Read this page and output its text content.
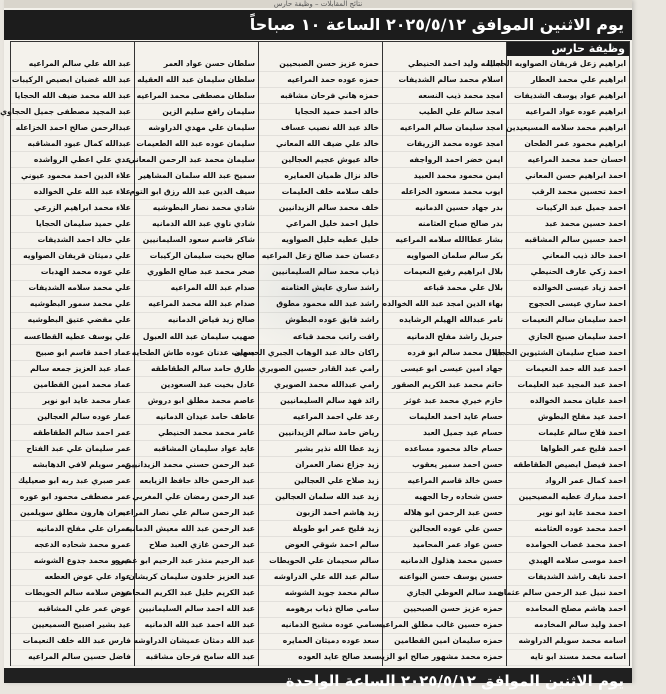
نتائج المقابلات – وظيفة حارس
يوم الاثنين الموافق ٢٠٢٥/٥/١٢ الساعة ١٠ صباحاً
وظيفة حارس
ابراهيم زعل قريفان الصواويه الحجايا
ابراهيم علي محمد العطار
ابراهيم عواد يوسف الشديفات
ابراهيم عوده عواد المراعيه
ابراهيم محمد سلامه المسيعيدين
ابراهيم محمود عمر الطحان
احسان حمد محمد المراعيه
احمد ابراهيم حسن المعاني
احمد تحسين محمد الرقب
احمد جميل عبد الركيبات
احمد حسين محمد عبد
احمد حسين سالم المشاقبه
احمد خالد ذيب المعاني
احمد زكي عارف الحنيطي
احمد زياد عيسى الخوالده
احمد ساري عيسى الحجوج
احمد سليمان سالم النعيمات
احمد سليمان صبيح الجازي
احمد صباح سليمان الشثيوين الحجايا
احمد عبد الله حمد النعيمات
احمد عبد المجيد عبد العليمات
احمد عليان محمد الخوالده
احمد عيد مفلح البطوش
احمد فلاح سالم عليمات
احمد فليح عمر الطواها
احمد فيصل ابصيص الطقاطقه
احمد كمال عمر الرواد
احمد مبارك عطيه المصيحيين
احمد محمد عايد ابو نوير
احمد محمد عوده العثامنه
احمد محمد غصاب الحوامده
احمد موسى سلامه الهبدي
احمد نايف راشد الشديفات
احمد نبيل عبد الرحمن سالم عثمان
احمد هاشم مصلح المحامده
احمد وليد سالم المخادمه
اسامه محمد سويلم الدراوشه
اسامه محمد مسند ابو تايه
اسامه وليد احمد الحنيطي
اسلام محمد سالم الشديفات
امجد محمد ذيب النسعه
امجد سالم علي الطيب
امجد سليمان سالم المراعيه
امجد عوده محمد الزريقات
ايمن خضر احمد الرواجفه
ايمن محمود محمد العبيد
ايوب محمد مسعود الخزاعله
بدر جهاد حسين الدمانيه
بدر صالح صباح العثامنه
بشار عطاالله سلامه المراعيه
بكر سالم سلمان الصواويه
بلال ابراهيم رفيع النعيمات
بلال علي محمد قباعه
بهاء الدين امجد عبد الله الخوالده
تامر عبدالله الهيلم الرشايده
جبريل راشد مفلح الدمانيه
جلال محمد سالم ابو فرده
جهاد امين عيسى ابو عيسى
حاتم محمد عبد الكريم الصقور
حازم خيري محمد عبد غوثر
حسام عايد احمد العليمات
حسام عيد جميل العبد
حسام خالد محمود مساعده
حسن احمد سمير يعقوب
حسن خالد قاسم المراعيه
حسن شحاده رجا الجهيه
حسن عبد الرحمن ابو هلاله
حسن علي عوده العجالين
حسن عواد عمر المحاميد
حسين محمد هذلول الدمانيه
حسين يوسف حسن البواعنه
حمد سالم العوطي الجازي
حمزه عزيز حسن الصبحيين
حمزه حسين غالب مطلق المراعيه
حمزه سليمان امين القطامين
حمزه محمد مشهور صالح ابو الزيت
حمزه عزيز حسن الصبحيين
حمزه عوده حمد المراعيه
حمزه هاني فرحان مشاقبه
خالد احمد حميد الحجايا
خالد عبد الله نصيب عساف
خالد علي ضيف الله المعاني
خالد عيوش عجيم العجالين
خالد نزال ظميان العمايره
خلف سلامه خلف العليمات
خلف محمد سالم الزيدانيين
خليل احمد خليل المراعي
خليل عطيه خليل الصواويه
دعسان حمد صالح زعل المراعيه
ذياب محمد سالم السليمانيين
راشد ساري عايش العثامنه
راشد عبد الله محمود مطوق
راشد فايق عوده البطوش
رافت راتب محمد قباعه
راكان خالد عبد الوهاب الجبري الحيسان
رامي عبد القادر حسين الصويري
رامي عبدالله محمد الصويري
رائد فهد سالم السليمانيين
رعد علي احمد المراعيه
رياض حامد سالم الزيدانيين
زيد عطا الله نذير بشير
زيد جزاع نصار العمران
زيد صلاح علي العجالين
زيد عبد الله سلمان العجالين
زيد هاشم احمد الزبون
زيد فليح عمر ابو طويلة
سالم احمد شوقي العوض
سالم سحيمان علي الحويطات
سالم عبد الله علي الدراوشه
سالم محمد جويد الشوشه
سامي صالح ذياب برهومه
سامي عوده مشيح الدمانيه
سعد عوده دميثان العمايره
سعد صالح عايد العوده
سلطان حسن عواد العمر
سلطان سليمان عبد الله العقيله
سلطان مصطفى محمد المراعيه
سليمان رافع سليم الزين
سليمان علي مهدي الدراوشه
سليمان عوده عبد الله الطعيمات
سليمان محمد عبد الرحمن المعاني
سميح عبد الله سلمان المشاهير
سيف الدين عبد الله رزق ابو التوم
شادي محمد نصار البطوشيه
شادي ناوي عبد الله الدمانيه
شاكر قاسم سعود السليمانيين
صالح بخيت سليمان الركيبات
صخر محمد عبد صالح الطوري
صدام عبد الله المراعيه
صدام عبد الله محمد المراعيه
صالح زيد فياض الدمانيه
صهيب سليمان عبد الله العبول
صهيب عدنان عوده طاش الطحايه
طارق حامد سالم الطقاطقه
عادل بخيت عبد السعودين
عاصم محمد مطلق ابو دروش
عاطف حامد عيدان الدمانيه
عامر محمد محمد الحنيطي
عايد عواد سليمان المشاقبه
عبد الرحمن حسني محمد الزيدانيين
عبد الرحمن خالد حافظ الزيابعه
عبد الرحمن رمضان علي المغربي
عبد الرحمن سالم علي نصار المراعيه
عبد الرحمن عبد الله معيش الدمانيه
عبد الرحمن غازي العبد صلاح
عبد الرحيم منذر عبد الرحيم ابو عميره
عبد العزيز خلدون سليمان كريشان
عبد الكريم خليل عبد الكريم المحاميد
عبد الله احمد سالم السليمانيين
عبد الله احمد عبد الله الدمانيه
عبد الله دمثان عميشان الدراوشه
عبد الله سامح فرحان مشاقبه
عبد الله علي سالم المراعيه
عبد الله غضبان ابصيص الركيبات
عبد الله محمد ضيف الله الحجايا
عبد المجيد مصطفى جميل الحجاوي
عبدالرحمن صالح احمد الخزاعله
عبدالله كمال عبود المشاقبه
عدي علي اعطي الرواشده
علاء الدين احمد محمود عيوني
علاء عبد الله علي الخوالده
علاء محمد ابراهيم الزرعي
علي حميد سليمان الحجايا
علي خالد احمد الشديفات
علي دميثان قريفان الصواويه
علي عوده محمد الهدبات
علي محمد سلامه الشديفات
علي محمد سمور البطوشيه
علي مفضي عتيق البطوشيه
علي يوسف عطيه القطاعسه
عماد احمد قاسم ابو صبيح
عماد عبد العزيز جمعه سالم
عماد محمد امين القطامين
عمار محمد عايد ابو نوير
عمار عوده سالم العجالين
عمر احمد سالم الطقاطقه
عمر سليمان علي عبد الفتاح
عمر سويلم لافي الدهابشه
عمر صبري عبد ربه ابو صعيليك
عمر مصطفى محمود ابو عوره
عمران هارون مطلق سويلمين
عمران علي مفلح الدمانيه
عمرو محمد شحاده الدعجه
عمرو محمد جدوع الشوشه
عواد علي عوض العطعه
عوض سلامه سالم الحويطات
عوض عمر علي المشاقبه
عيد بشير اصبيح السميعيين
فارس عبد الله خلف النعيمات
فاضل حسين سالم المراعيه
يوم الاثنين الموافق ٢٠٢٥/٥/١٢ الساعة الواحدة
